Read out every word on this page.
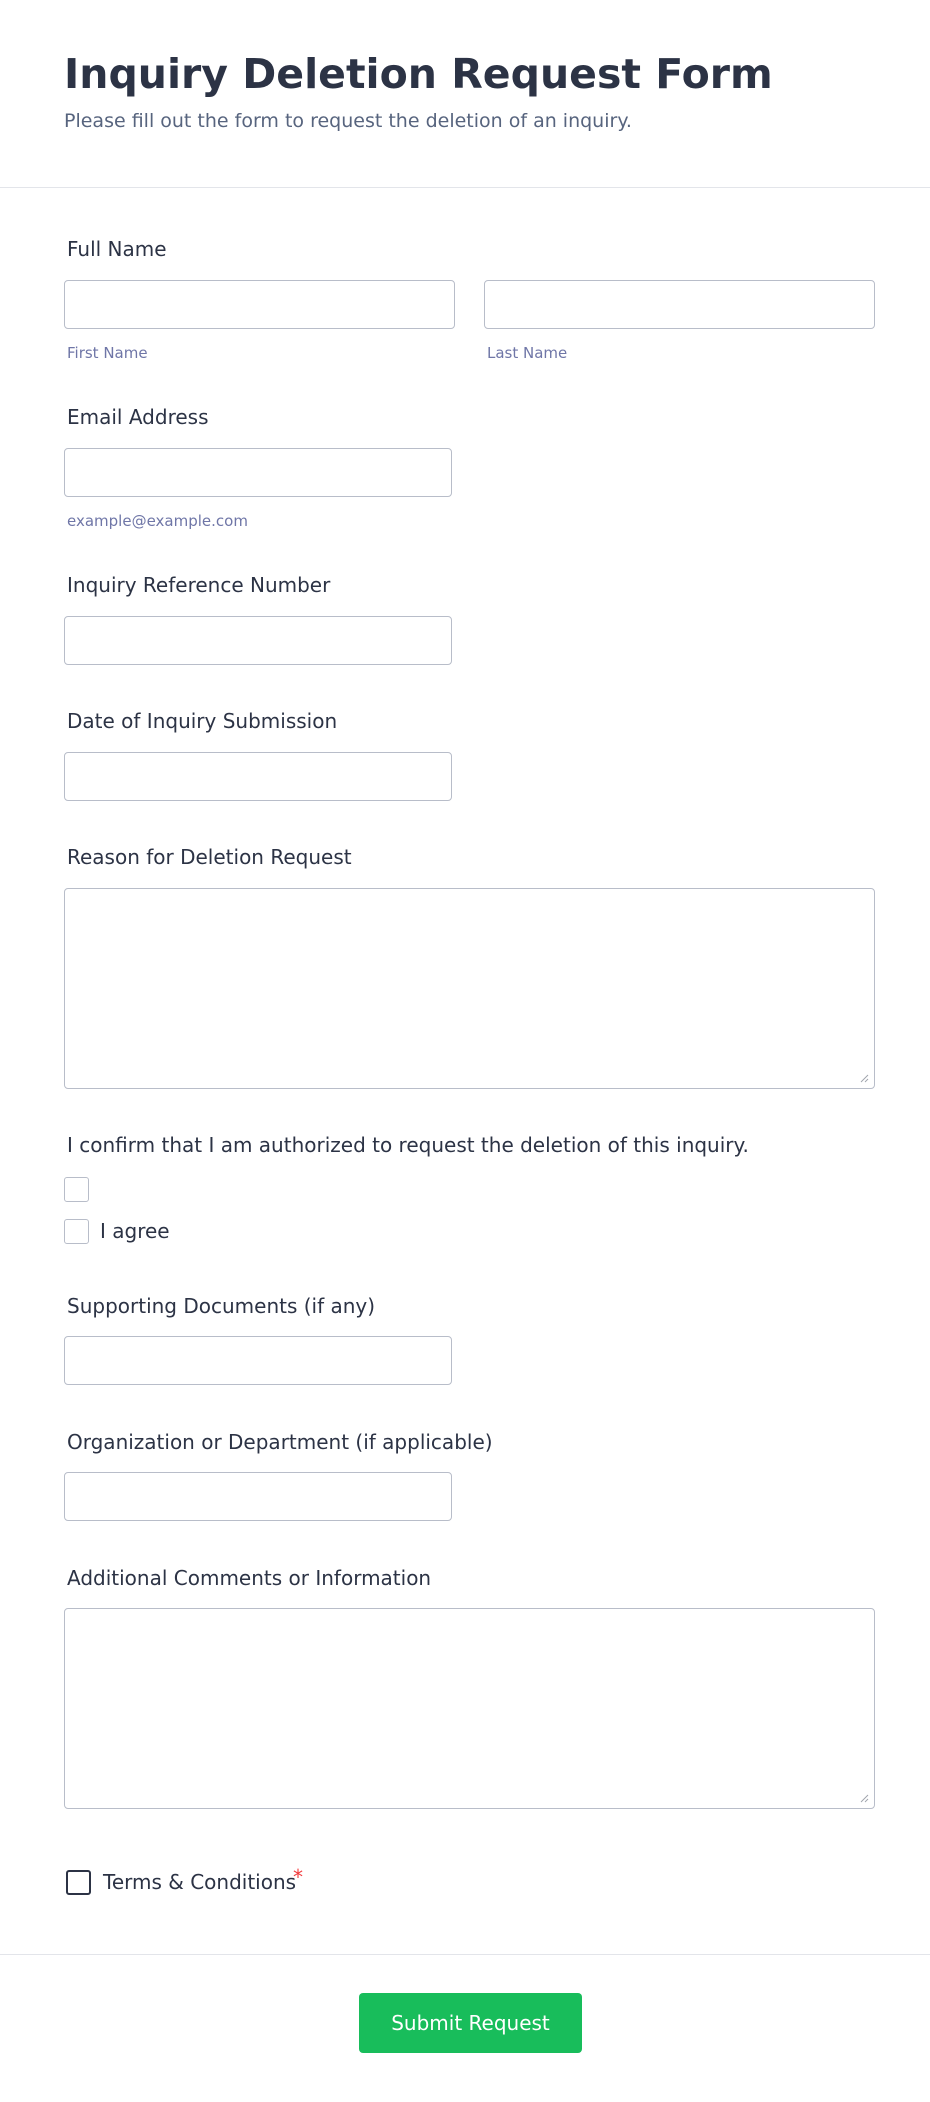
Inquiry Deletion Request Form

Please fill out the form to request the deletion of an inquiry.

Full Name
First Name	Last Name
Email Address
example@example.com
Inquiry Reference Number
Date of Inquiry Submission
Reason for Deletion Request
I confirm that I am authorized to request the deletion of this inquiry.
I agree
Supporting Documents (if any)
Organization or Department (if applicable)
Additional Comments or Information
Terms & Conditions
*
Submit Request
